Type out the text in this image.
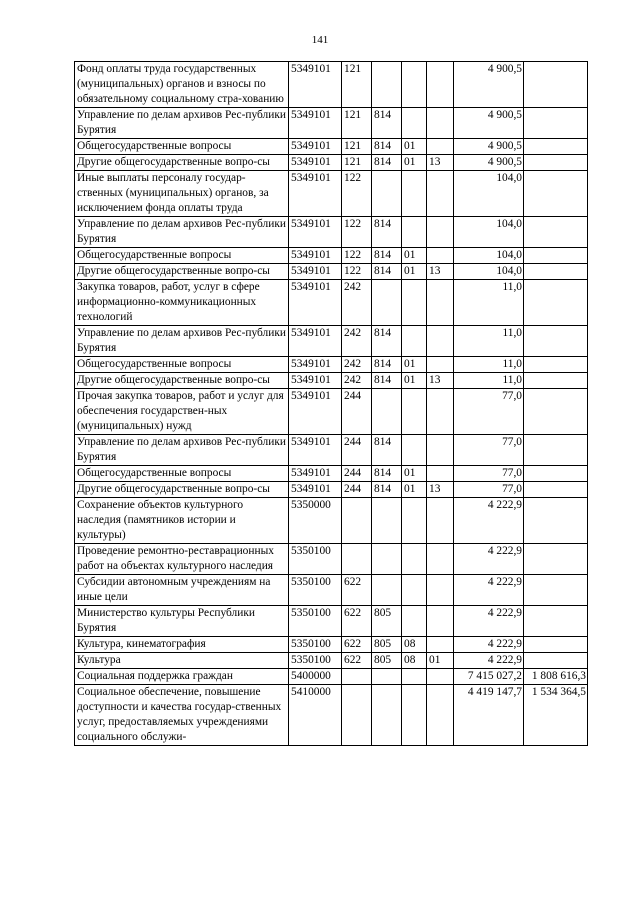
141
Фонд оплаты труда государственных (муниципальных) органов и взносы по обязательному социальному стра-хованию	5349101	121				4 900,5	
Управление по делам архивов Рес-публики Бурятия	5349101	121	814			4 900,5	
Общегосударственные вопросы	5349101	121	814	01		4 900,5	
Другие общегосударственные вопро-сы	5349101	121	814	01	13	4 900,5	
Иные выплаты персоналу государ-ственных (муниципальных) органов, за исключением фонда оплаты труда	5349101	122				104,0	
Управление по делам архивов Рес-публики Бурятия	5349101	122	814			104,0	
Общегосударственные вопросы	5349101	122	814	01		104,0	
Другие общегосударственные вопро-сы	5349101	122	814	01	13	104,0	
Закупка товаров, работ, услуг в сфере информационно-коммуникационных технологий	5349101	242				11,0	
Управление по делам архивов Рес-публики Бурятия	5349101	242	814			11,0	
Общегосударственные вопросы	5349101	242	814	01		11,0	
Другие общегосударственные вопро-сы	5349101	242	814	01	13	11,0	
Прочая закупка товаров, работ и услуг для обеспечения государствен-ных (муниципальных) нужд	5349101	244				77,0	
Управление по делам архивов Рес-публики Бурятия	5349101	244	814			77,0	
Общегосударственные вопросы	5349101	244	814	01		77,0	
Другие общегосударственные вопро-сы	5349101	244	814	01	13	77,0	
Сохранение объектов культурного наследия (памятников истории и культуры)	5350000					4 222,9	
Проведение ремонтно-реставрационных работ на объектах культурного наследия	5350100					4 222,9	
Субсидии автономным учреждениям на иные цели	5350100	622				4 222,9	
Министерство культуры Республики Бурятия	5350100	622	805			4 222,9	
Культура, кинематография	5350100	622	805	08		4 222,9	
Культура	5350100	622	805	08	01	4 222,9	
Социальная поддержка граждан	5400000					7 415 027,2	1 808 616,3
Социальное обеспечение, повышение доступности и качества государ-ственных услуг, предоставляемых учреждениями социального обслужи-	5410000					4 419 147,7	1 534 364,5
